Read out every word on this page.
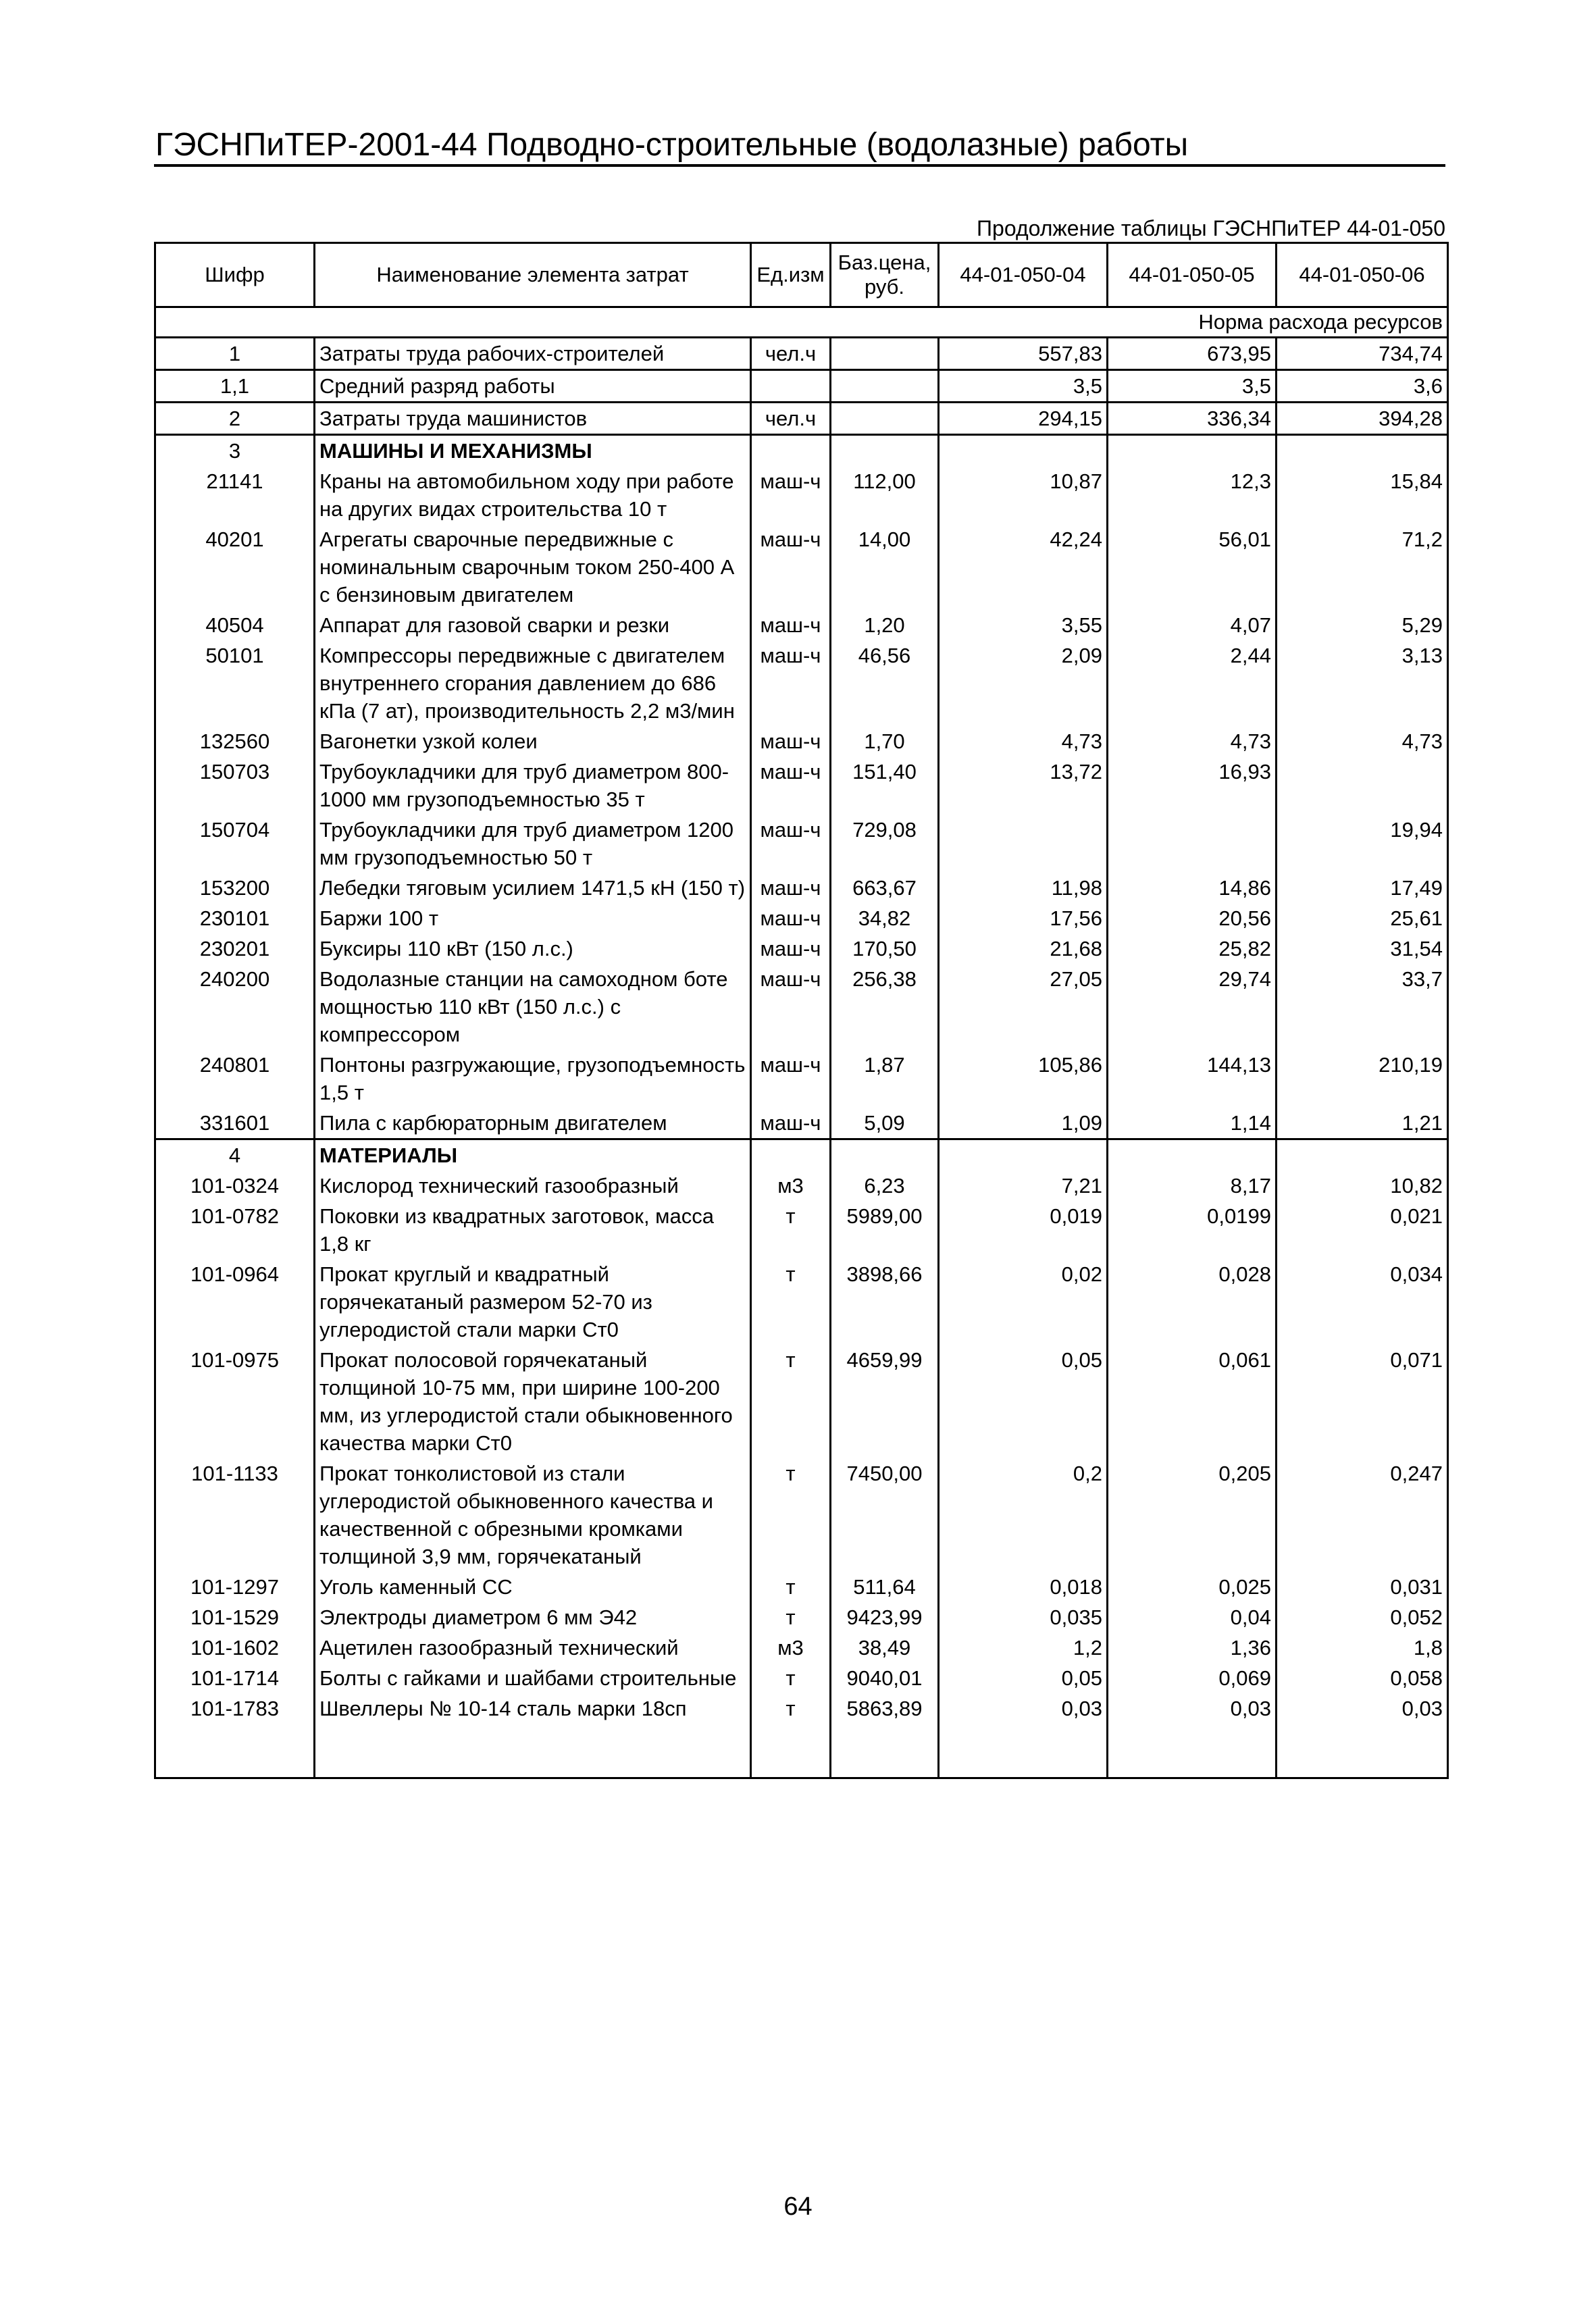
ГЭСНПиТЕР-2001-44 Подводно-строительные (водолазные) работы
Продолжение таблицы ГЭСНПиТЕР 44-01-050
Шифр	Наименование элемента затрат	Ед.изм	Баз.цена, руб.	44-01-050-04	44-01-050-05	44-01-050-06
Норма расхода ресурсов						
1	Затраты труда рабочих-строителей	чел.ч		557,83	673,95	734,74
1,1	Средний разряд работы			3,5	3,5	3,6
2	Затраты труда машинистов	чел.ч		294,15	336,34	394,28
3	МАШИНЫ И МЕХАНИЗМЫ					
21141	Краны на автомобильном ходу при работе на других видах строительства 10 т	маш-ч	112,00	10,87	12,3	15,84
40201	Агрегаты сварочные передвижные с номинальным сварочным током 250-400 А с бензиновым двигателем	маш-ч	14,00	42,24	56,01	71,2
40504	Аппарат для газовой сварки и резки	маш-ч	1,20	3,55	4,07	5,29
50101	Компрессоры передвижные с двигателем внутреннего сгорания давлением до 686 кПа (7 ат), производительность 2,2 м3/мин	маш-ч	46,56	2,09	2,44	3,13
132560	Вагонетки узкой колеи	маш-ч	1,70	4,73	4,73	4,73
150703	Трубоукладчики для труб диаметром 800-1000 мм грузоподъемностью 35 т	маш-ч	151,40	13,72	16,93	
150704	Трубоукладчики для труб диаметром 1200 мм грузоподъемностью 50 т	маш-ч	729,08			19,94
153200	Лебедки тяговым усилием 1471,5 кН (150 т)	маш-ч	663,67	11,98	14,86	17,49
230101	Баржи 100 т	маш-ч	34,82	17,56	20,56	25,61
230201	Буксиры 110 кВт (150 л.с.)	маш-ч	170,50	21,68	25,82	31,54
240200	Водолазные станции на самоходном боте мощностью 110 кВт (150 л.с.) с компрессором	маш-ч	256,38	27,05	29,74	33,7
240801	Понтоны разгружающие, грузоподъемность 1,5 т	маш-ч	1,87	105,86	144,13	210,19
331601	Пила с карбюраторным двигателем	маш-ч	5,09	1,09	1,14	1,21
4	МАТЕРИАЛЫ					
101-0324	Кислород технический газообразный	м3	6,23	7,21	8,17	10,82
101-0782	Поковки из квадратных заготовок, масса 1,8 кг	т	5989,00	0,019	0,0199	0,021
101-0964	Прокат круглый и квадратный горячекатаный размером 52-70 из углеродистой стали марки Ст0	т	3898,66	0,02	0,028	0,034
101-0975	Прокат полосовой горячекатаный толщиной 10-75 мм, при ширине 100-200 мм, из углеродистой стали обыкновенного качества марки Ст0	т	4659,99	0,05	0,061	0,071
101-1133	Прокат тонколистовой из стали углеродистой обыкновенного качества и качественной с обрезными кромками толщиной 3,9 мм, горячекатаный	т	7450,00	0,2	0,205	0,247
101-1297	Уголь каменный СС	т	511,64	0,018	0,025	0,031
101-1529	Электроды диаметром 6 мм Э42	т	9423,99	0,035	0,04	0,052
101-1602	Ацетилен газообразный технический	м3	38,49	1,2	1,36	1,8
101-1714	Болты с гайками и шайбами строительные	т	9040,01	0,05	0,069	0,058
101-1783	Швеллеры № 10-14 сталь марки 18сп	т	5863,89	0,03	0,03	0,03
64
